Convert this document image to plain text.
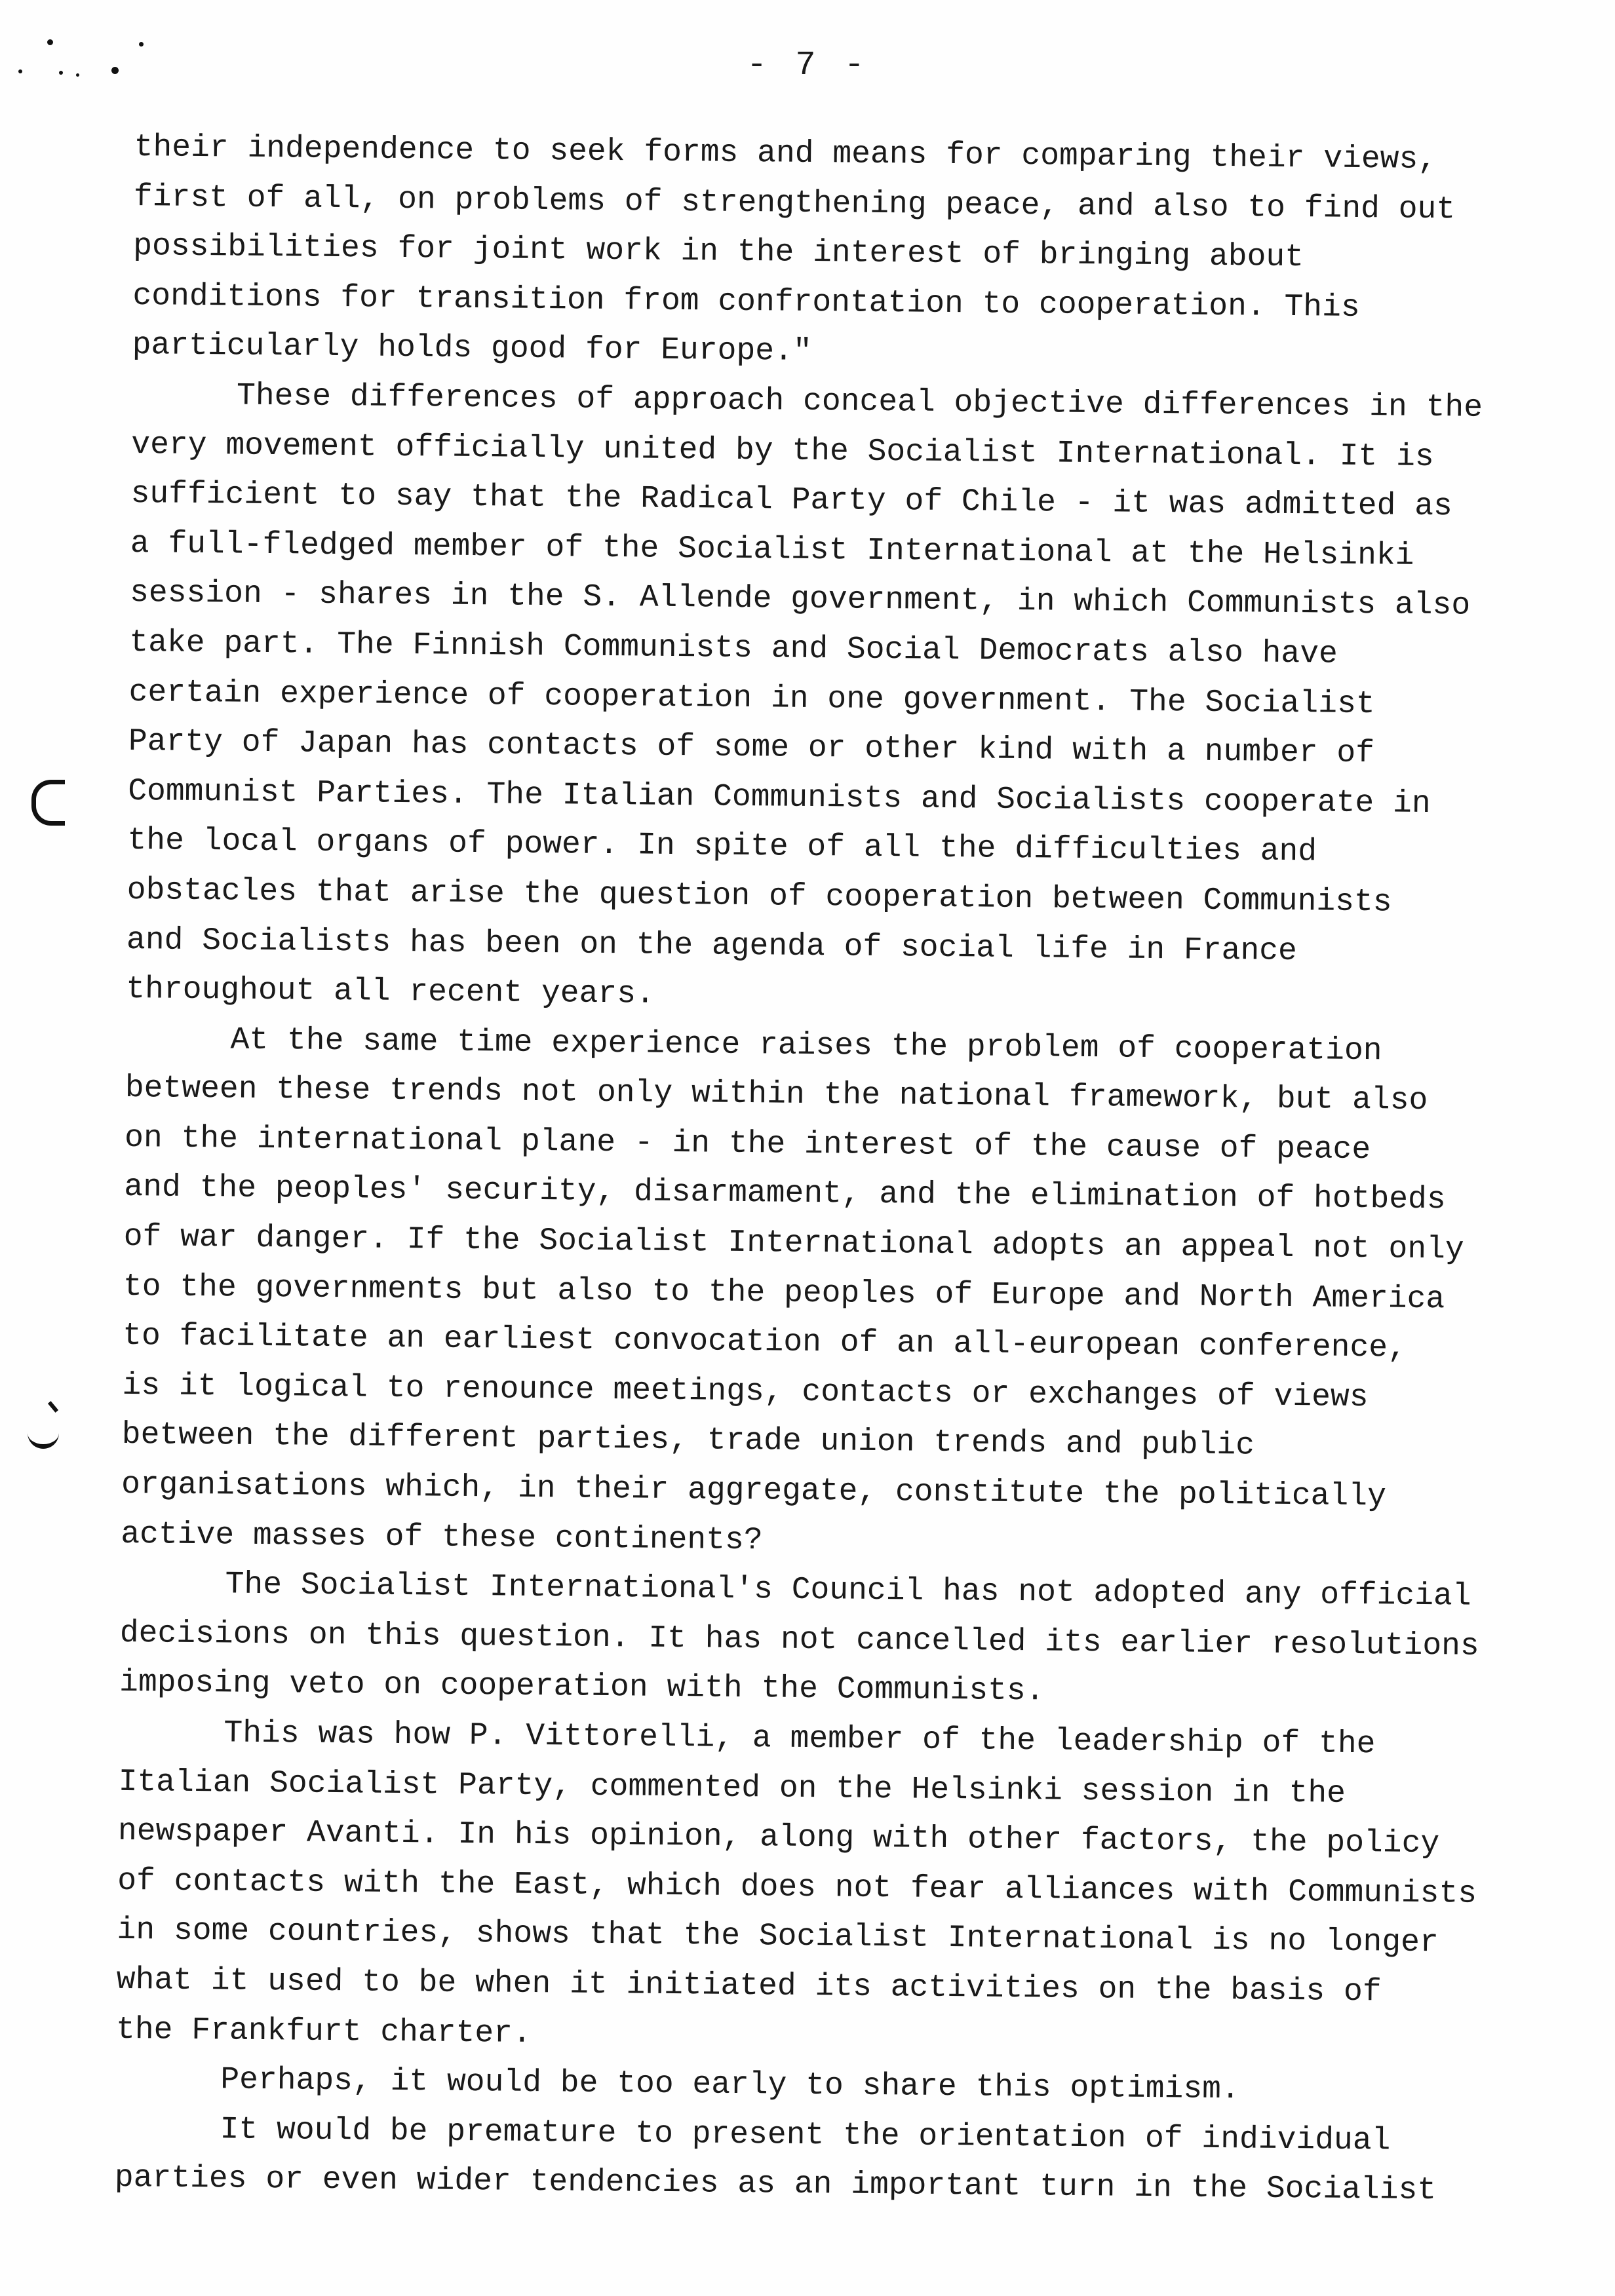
- 7 -
their independence to seek forms and means for comparing their views,
first of all, on problems of strengthening peace, and also to find out
possibilities for joint work in the interest of bringing about
conditions for transition from confrontation to cooperation. This
particularly holds good for Europe."
These differences of approach conceal objective differences in the
very movement officially united by the Socialist International. It is
sufficient to say that the Radical Party of Chile - it was admitted as
a full-fledged member of the Socialist International at the Helsinki
session - shares in the S. Allende government, in which Communists also
take part. The Finnish Communists and Social Democrats also have
certain experience of cooperation in one government. The Socialist
Party of Japan has contacts of some or other kind with a number of
Communist Parties. The Italian Communists and Socialists cooperate in
the local organs of power. In spite of all the difficulties and
obstacles that arise the question of cooperation between Communists
and Socialists has been on the agenda of social life in France
throughout all recent years.
At the same time experience raises the problem of cooperation
between these trends not only within the national framework, but also
on the international plane - in the interest of the cause of peace
and the peoples' security, disarmament, and the elimination of hotbeds
of war danger. If the Socialist International adopts an appeal not only
to the governments but also to the peoples of Europe and North America
to facilitate an earliest convocation of an all-european conference,
is it logical to renounce meetings, contacts or exchanges of views
between the different parties, trade union trends and public
organisations which, in their aggregate, constitute the politically
active masses of these continents?
The Socialist International's Council has not adopted any official
decisions on this question. It has not cancelled its earlier resolutions
imposing veto on cooperation with the Communists.
This was how P. Vittorelli, a member of the leadership of the
Italian Socialist Party, commented on the Helsinki session in the
newspaper Avanti. In his opinion, along with other factors, the policy
of contacts with the East, which does not fear alliances with Communists
in some countries, shows that the Socialist International is no longer
what it used to be when it initiated its activities on the basis of
the Frankfurt charter.
Perhaps, it would be too early to share this optimism.
It would be premature to present the orientation of individual
parties or even wider tendencies as an important turn in the Socialist
